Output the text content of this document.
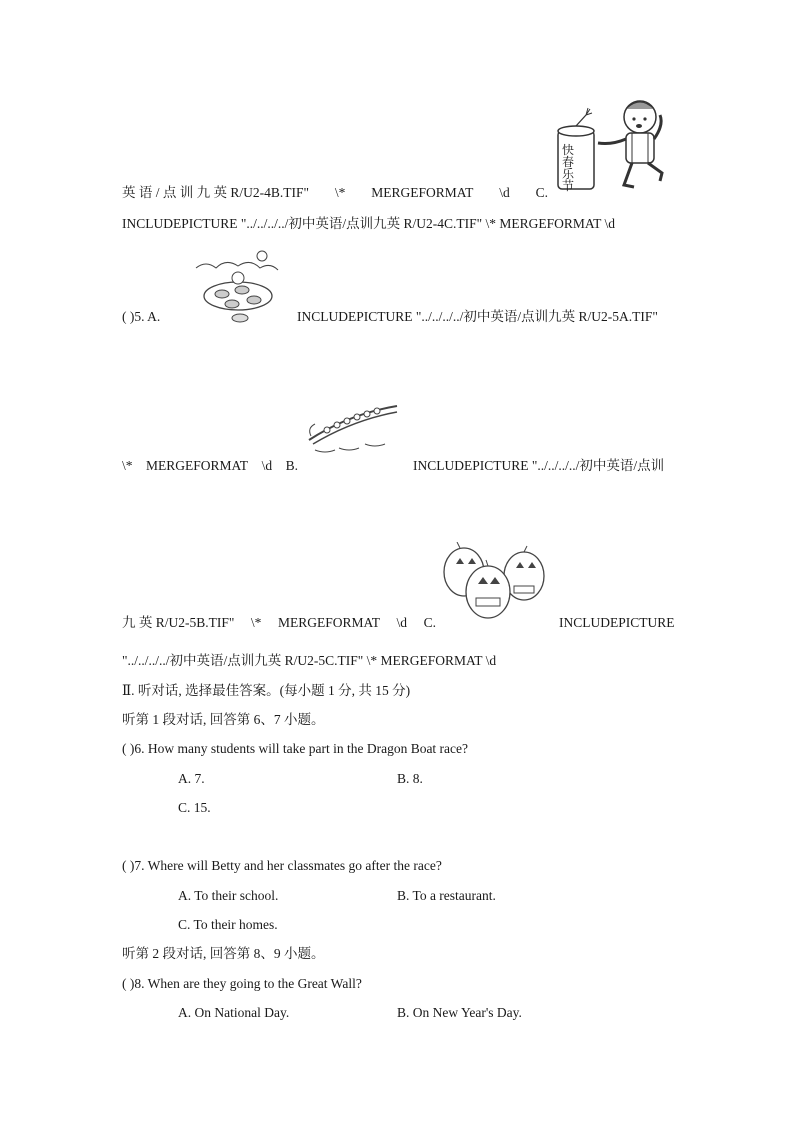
快春乐节
英 语 / 点 训 九 英 R/U2-4B.TIF" \* MERGEFORMAT \d C.
INCLUDEPICTURE "../../../../初中英语/点训九英 R/U2-4C.TIF" \* MERGEFORMAT \d
( )5. A.	INCLUDEPICTURE "../../../../初中英语/点训九英 R/U2-5A.TIF"
\* MERGEFORMAT \d B.	INCLUDEPICTURE "../../../../初中英语/点训
九 英 R/U2-5B.TIF" \* MERGEFORMAT \d C.	INCLUDEPICTURE
"../../../../初中英语/点训九英 R/U2-5C.TIF" \* MERGEFORMAT \d
Ⅱ. 听对话, 选择最佳答案。(每小题 1 分, 共 15 分)
听第 1 段对话, 回答第 6、7 小题。
( )6. How many students will take part in the Dragon Boat race?
A. 7.	B. 8.
C. 15.
( )7. Where will Betty and her classmates go after the race?
A. To their school.	B. To a restaurant.
C. To their homes.
听第 2 段对话, 回答第 8、9 小题。
( )8. When are they going to the Great Wall?
A. On National Day.	B. On New Year's Day.
